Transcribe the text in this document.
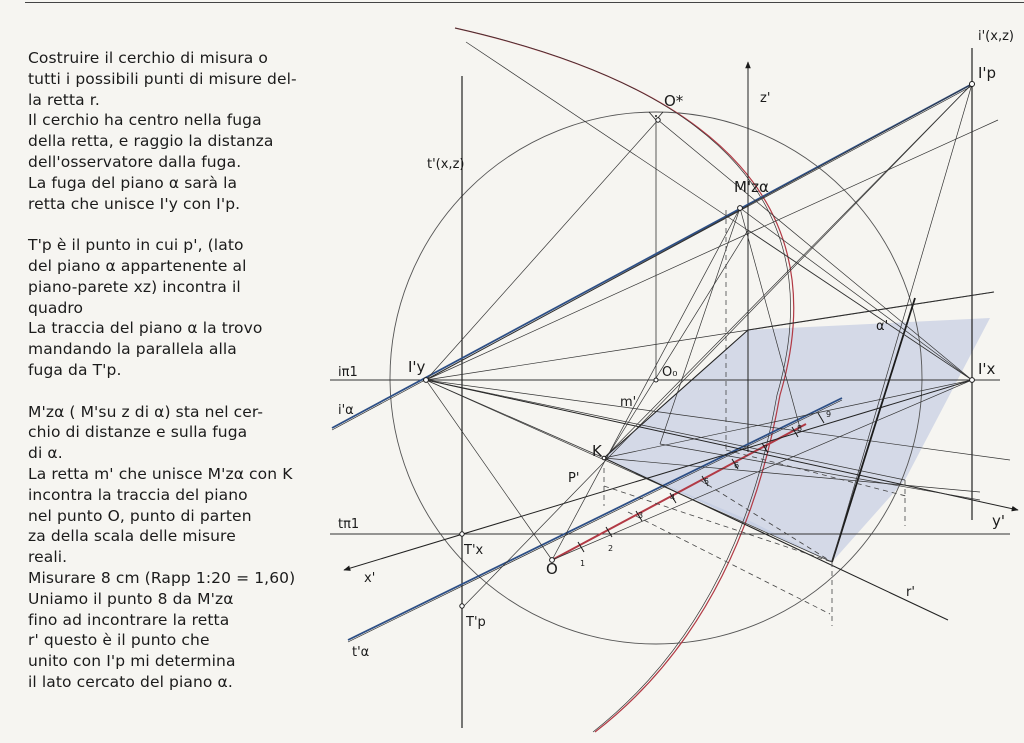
Costruire il cerchio di misura o
tutti i possibili punti di misure del-
la retta r.
Il cerchio ha centro nella fuga
della retta, e raggio la distanza
dell'osservatore dalla fuga.
La fuga del piano α sarà la
retta che unisce I'y con I'p.
T'p è il punto in cui p', (lato
del piano α appartenente al
piano-parete xz) incontra il
quadro
La traccia del piano α la trovo
mandando la parallela alla
fuga da T'p.
M'zα ( M'su z di α) sta nel cer-
chio di distanze e sulla fuga
di α.
La retta m' che unisce M'zα con K
incontra la traccia del piano
nel punto O, punto di parten
za della scala delle misure
reali.
Misurare 8 cm (Rapp 1:20 = 1,60)
Uniamo il punto 8 da M'zα
fino ad incontrare la retta
r' questo è il punto che
unito con I'p mi determina
il lato cercato del piano α.
1
2
3
4
5
6
7
8
9
i'(x,z)
I'p
z'
O*
t'(x,z)
M'zα
α'
iπ1	I'y	O₀	I'x
i'α
m'
K
P'
y'
tπ1
T'x
O
x'
r'
T'p
t'α
